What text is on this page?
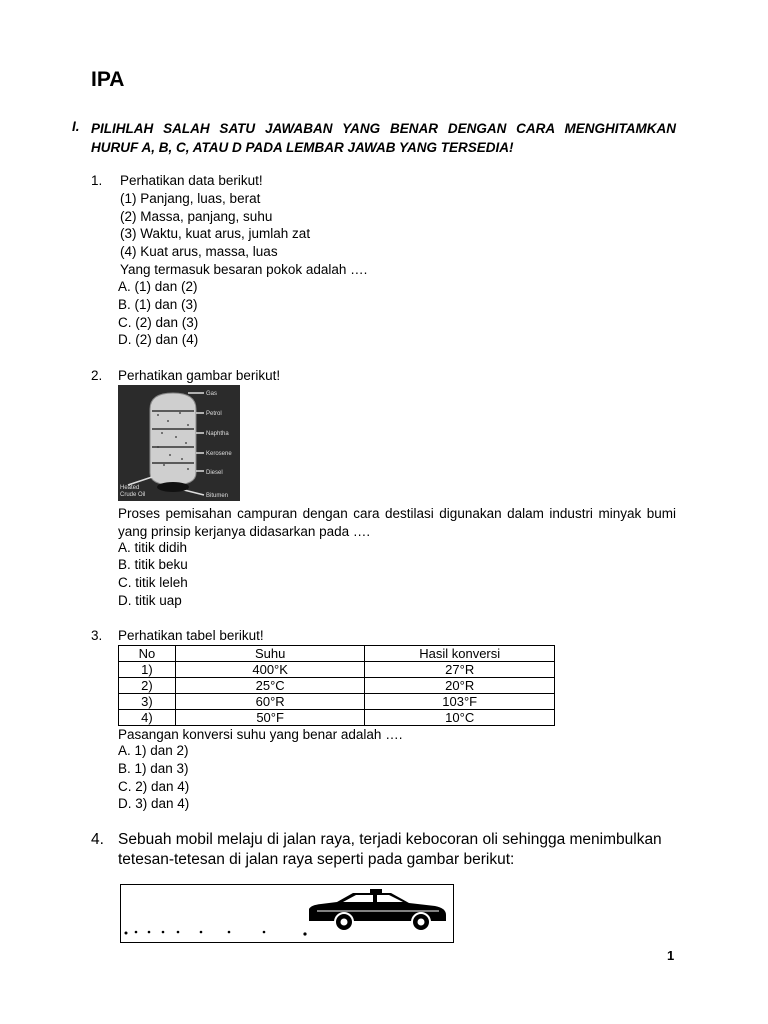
IPA
I. PILIHLAH SALAH SATU JAWABAN YANG BENAR DENGAN CARA MENGHITAMKAN HURUF A, B, C, ATAU D PADA LEMBAR JAWAB YANG TERSEDIA!
1. Perhatikan data berikut!
(1) Panjang, luas, berat
(2) Massa, panjang, suhu
(3) Waktu, kuat arus, jumlah zat
(4) Kuat arus, massa, luas
Yang termasuk besaran pokok adalah ….
A. (1) dan (2)
B. (1) dan (3)
C. (2) dan (3)
D. (2) dan (4)
2. Perhatikan gambar berikut!
Gas
Petrol
Naphtha
Kerosene
Diesel
Bitumen
Heated
Crude Oil
Proses pemisahan campuran dengan cara destilasi digunakan dalam industri minyak bumi yang prinsip kerjanya didasarkan pada ….
A. titik didih
B. titik beku
C. titik leleh
D. titik uap
3. Perhatikan tabel berikut!
No	Suhu	Hasil konversi
1)	400°K	27°R
2)	25°C	20°R
3)	60°R	103°F
4)	50°F	10°C
Pasangan konversi suhu yang benar adalah ….
A. 1) dan 2)
B. 1) dan 3)
C. 2) dan 4)
D. 3) dan 4)
4. Sebuah mobil melaju di jalan raya, terjadi kebocoran oli sehingga menimbulkan
tetesan-tetesan di jalan raya seperti pada gambar berikut:
1
